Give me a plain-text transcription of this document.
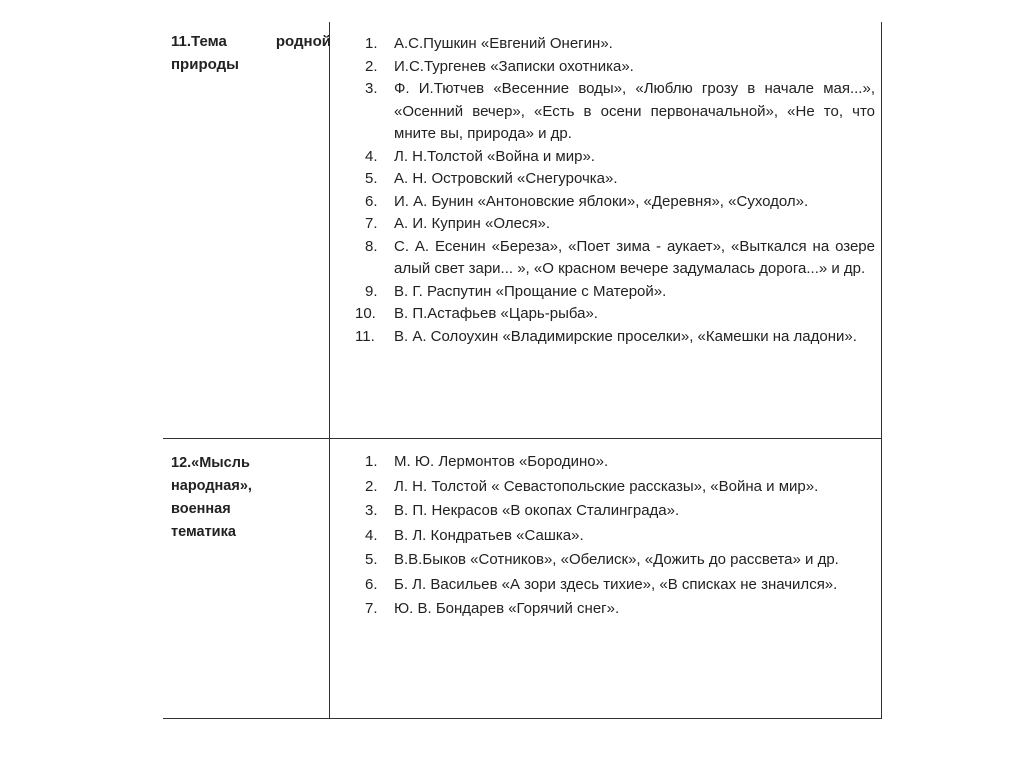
11.Тема родной
природы
1. А.С.Пушкин «Евгений Онегин».
2. И.С.Тургенев «Записки охотника».
3. Ф. И.Тютчев «Весенние воды», «Люблю грозу в начале мая...», «Осенний вечер», «Есть в осени первоначальной», «Не то, что мните вы, природа» и др.
4. Л. Н.Толстой «Война и мир».
5. А. Н. Островский «Снегурочка».
6. И. А. Бунин «Антоновские яблоки», «Деревня», «Суходол».
7. А. И. Куприн «Олеся».
8. С. А. Есенин «Береза», «Поет зима - аукает», «Выткался на озере алый свет зари... », «О красном вечере задумалась дорога...» и др.
9. В. Г. Распутин «Прощание с Матерой».
10. В. П.Астафьев «Царь-рыба».
11. В. А. Солоухин «Владимирские проселки», «Камешки на ладони».
12.«Мысль
народная»,
военная
тематика
1. М. Ю. Лермонтов «Бородино».
2. Л. Н. Толстой « Севастопольские рассказы», «Война и мир».
3. В. П. Некрасов «В окопах Сталинграда».
4. В. Л. Кондратьев «Сашка».
5. В.В.Быков «Сотников», «Обелиск», «Дожить до рассвета» и др.
6. Б. Л. Васильев «А зори здесь тихие», «В списках не значился».
7. Ю. В. Бондарев «Горячий снег».
